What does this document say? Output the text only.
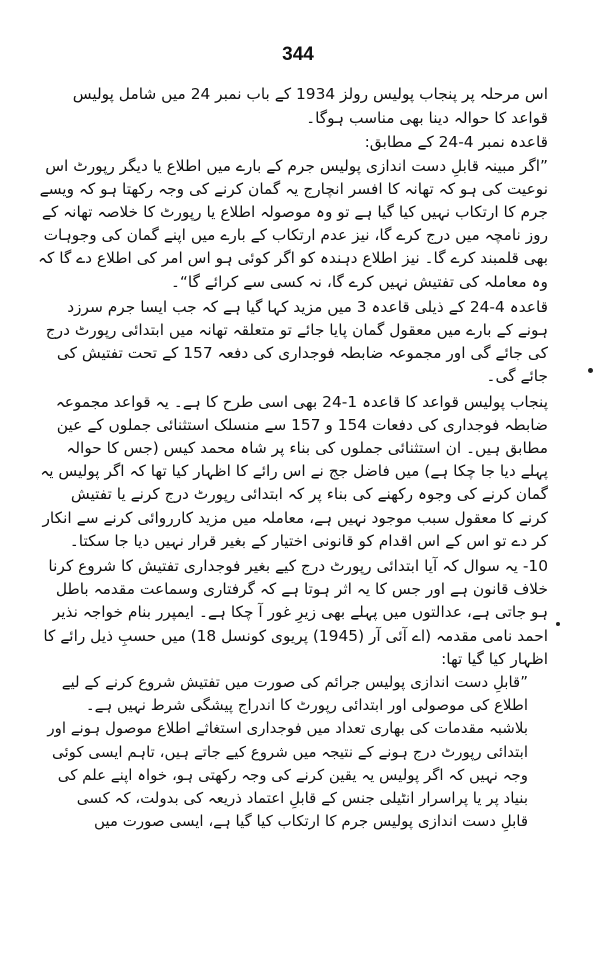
344

اس مرحلہ پر پنجاب پولیس رولز 1934 کے باب نمبر 24 میں شامل پولیس قواعد کا حوالہ دینا بھی مناسب ہوگا۔

قاعدہ نمبر 4-24 کے مطابق:

”اگر مبینہ قابلِ دست اندازی پولیس جرم کے بارے میں اطلاع یا دیگر رپورٹ اس نوعیت کی ہو کہ تھانہ کا افسر انچارج یہ گمان کرنے کی وجہ رکھتا ہو کہ ویسے جرم کا ارتکاب نہیں کیا گیا ہے تو وہ موصولہ اطلاع یا رپورٹ کا خلاصہ تھانہ کے روز نامچہ میں درج کرے گا، نیز عدم ارتکاب کے بارے میں اپنے گمان کی وجوہات بھی قلمبند کرے گا۔ نیز اطلاع دہندہ کو اگر کوئی ہو اس امر کی اطلاع دے گا کہ وہ معاملہ کی تفتیش نہیں کرے گا، نہ کسی سے کرائے گا“۔

قاعدہ 4-24 کے ذیلی قاعدہ 3 میں مزید کہا گیا ہے کہ جب ایسا جرم سرزد ہونے کے بارے میں معقول گمان پایا جائے تو متعلقہ تھانہ میں ابتدائی رپورٹ درج کی جائے گی اور مجموعہ ضابطہ فوجداری کی دفعہ 157 کے تحت تفتیش کی جائے گی۔

پنجاب پولیس قواعد کا قاعدہ 1-24 بھی اسی طرح کا ہے۔ یہ قواعد مجموعہ ضابطہ فوجداری کی دفعات 154 و 157 سے منسلک استثنائی جملوں کے عین مطابق ہیں۔ ان استثنائی جملوں کی بناء پر شاہ محمد کیس (جس کا حوالہ پہلے دیا جا چکا ہے) میں فاضل جج نے اس رائے کا اظہار کیا تھا کہ اگر پولیس یہ گمان کرنے کی وجوہ رکھنے کی بناء پر کہ ابتدائی رپورٹ درج کرنے یا تفتیش کرنے کا معقول سبب موجود نہیں ہے، معاملہ میں مزید کارروائی کرنے سے انکار کر دے تو اس کے اس اقدام کو قانونی اختیار کے بغیر قرار نہیں دیا جا سکتا۔

10- یہ سوال کہ آیا ابتدائی رپورٹ درج کیے بغیر فوجداری تفتیش کا شروع کرنا خلاف قانون ہے اور جس کا یہ اثر ہوتا ہے کہ گرفتاری وسماعت مقدمہ باطل ہو جاتی ہے، عدالتوں میں پہلے بھی زیرِ غور آ چکا ہے۔ ایمپرر بنام خواجہ نذیر احمد نامی مقدمہ (اے آئی آر (1945) پریوی کونسل 18) میں حسبِ ذیل رائے کا اظہار کیا گیا تھا:

”قابلِ دست اندازی پولیس جرائم کی صورت میں تفتیش شروع کرنے کے لیے اطلاع کی موصولی اور ابتدائی رپورٹ کا اندراج پیشگی شرط نہیں ہے۔ بلاشبہ مقدمات کی بھاری تعداد میں فوجداری استغاثے اطلاع موصول ہونے اور ابتدائی رپورٹ درج ہونے کے نتیجہ میں شروع کیے جاتے ہیں، تاہم ایسی کوئی وجہ نہیں کہ اگر پولیس یہ یقین کرنے کی وجہ رکھتی ہو، خواہ اپنے علم کی بنیاد پر یا پراسرار انٹیلی جنس کے قابلِ اعتماد ذریعہ کی بدولت، کہ کسی قابلِ دست اندازی پولیس جرم کا ارتکاب کیا گیا ہے، ایسی صورت میں
